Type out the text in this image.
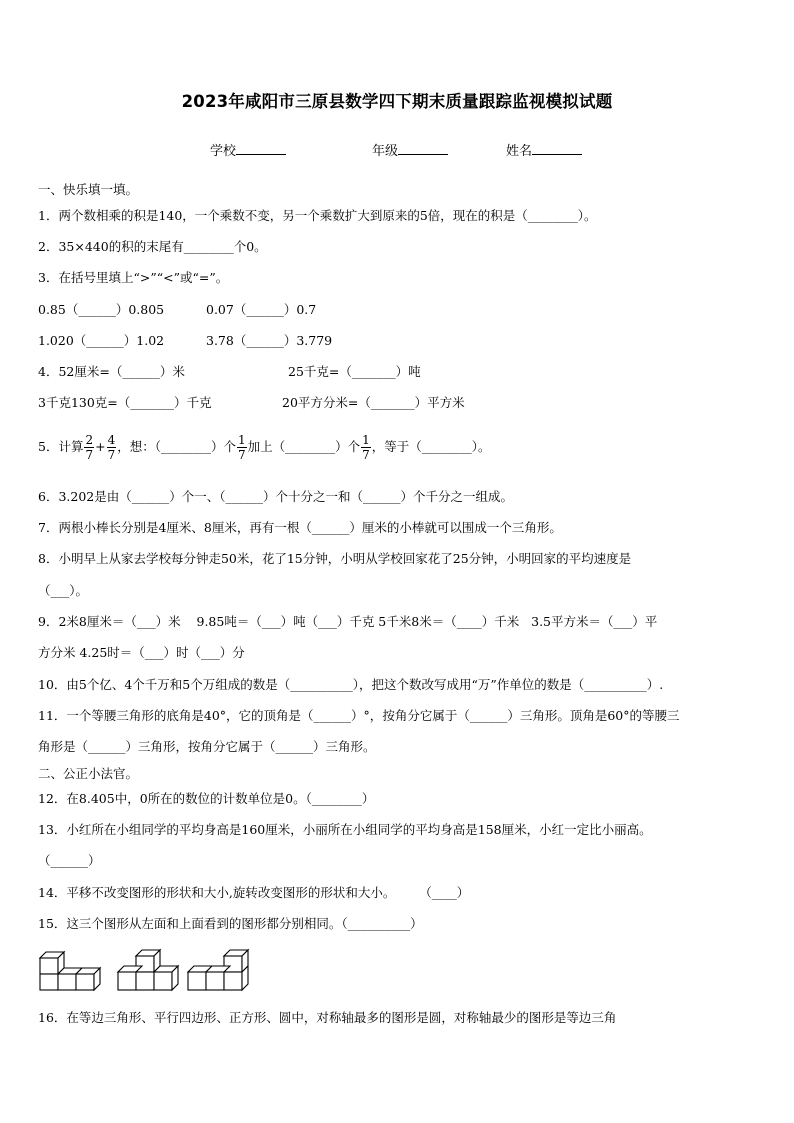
2023年咸阳市三原县数学四下期末质量跟踪监视模拟试题
学校	年级	姓名
一、快乐填一填。
1．两个数相乘的积是140，一个乘数不变，另一个乘数扩大到原来的5倍，现在的积是（________）。
2．35×440的积的末尾有________个0。
3．在括号里填上“>”“<”或“=”。
0.85（______）0.805	0.07（______）0.7
1.020（______）1.02	3.78（______）3.779
4．52厘米=（______）米	25千克=（_______）吨
3千克130克=（_______）千克	20平方分米=（_______）平方米
5．计算 $\frac{2}{7} + \frac{4}{7}$ ，想：（________）个 $\frac{1}{7}$ 加上（________）个 $\frac{1}{7}$ ，等于（________）。
6．3.202是由（______）个一、（______）个十分之一和（______）个千分之一组成。
7．两根小棒长分别是4厘米、8厘米，再有一根（______）厘米的小棒就可以围成一个三角形。
8．小明早上从家去学校每分钟走50米，花了15分钟，小明从学校回家花了25分钟，小明回家的平均速度是
（___）。
9．2米8厘米＝（___）米    9.85吨＝（___）吨（___）千克 5千米8米＝（____）千米   3.5平方米＝（___）平
方分米 4.25时＝（___）时（___）分
10．由5个亿、4个千万和5个万组成的数是（__________），把这个数改写成用“万”作单位的数是（__________）.
11．一个等腰三角形的底角是40°，它的顶角是（______）°，按角分它属于（______）三角形。顶角是60°的等腰三
角形是（______）三角形，按角分它属于（______）三角形。
二、公正小法官。
12．在8.405中，0所在的数位的计数单位是0。（________）
13．小红所在小组同学的平均身高是160厘米，小丽所在小组同学的平均身高是158厘米，小红一定比小丽高。
（______）
14．平移不改变图形的形状和大小,旋转改变图形的形状和大小。      （____）
15．这三个图形从左面和上面看到的图形都分别相同。（__________）
16．在等边三角形、平行四边形、正方形、圆中，对称轴最多的图形是圆，对称轴最少的图形是等边三角
